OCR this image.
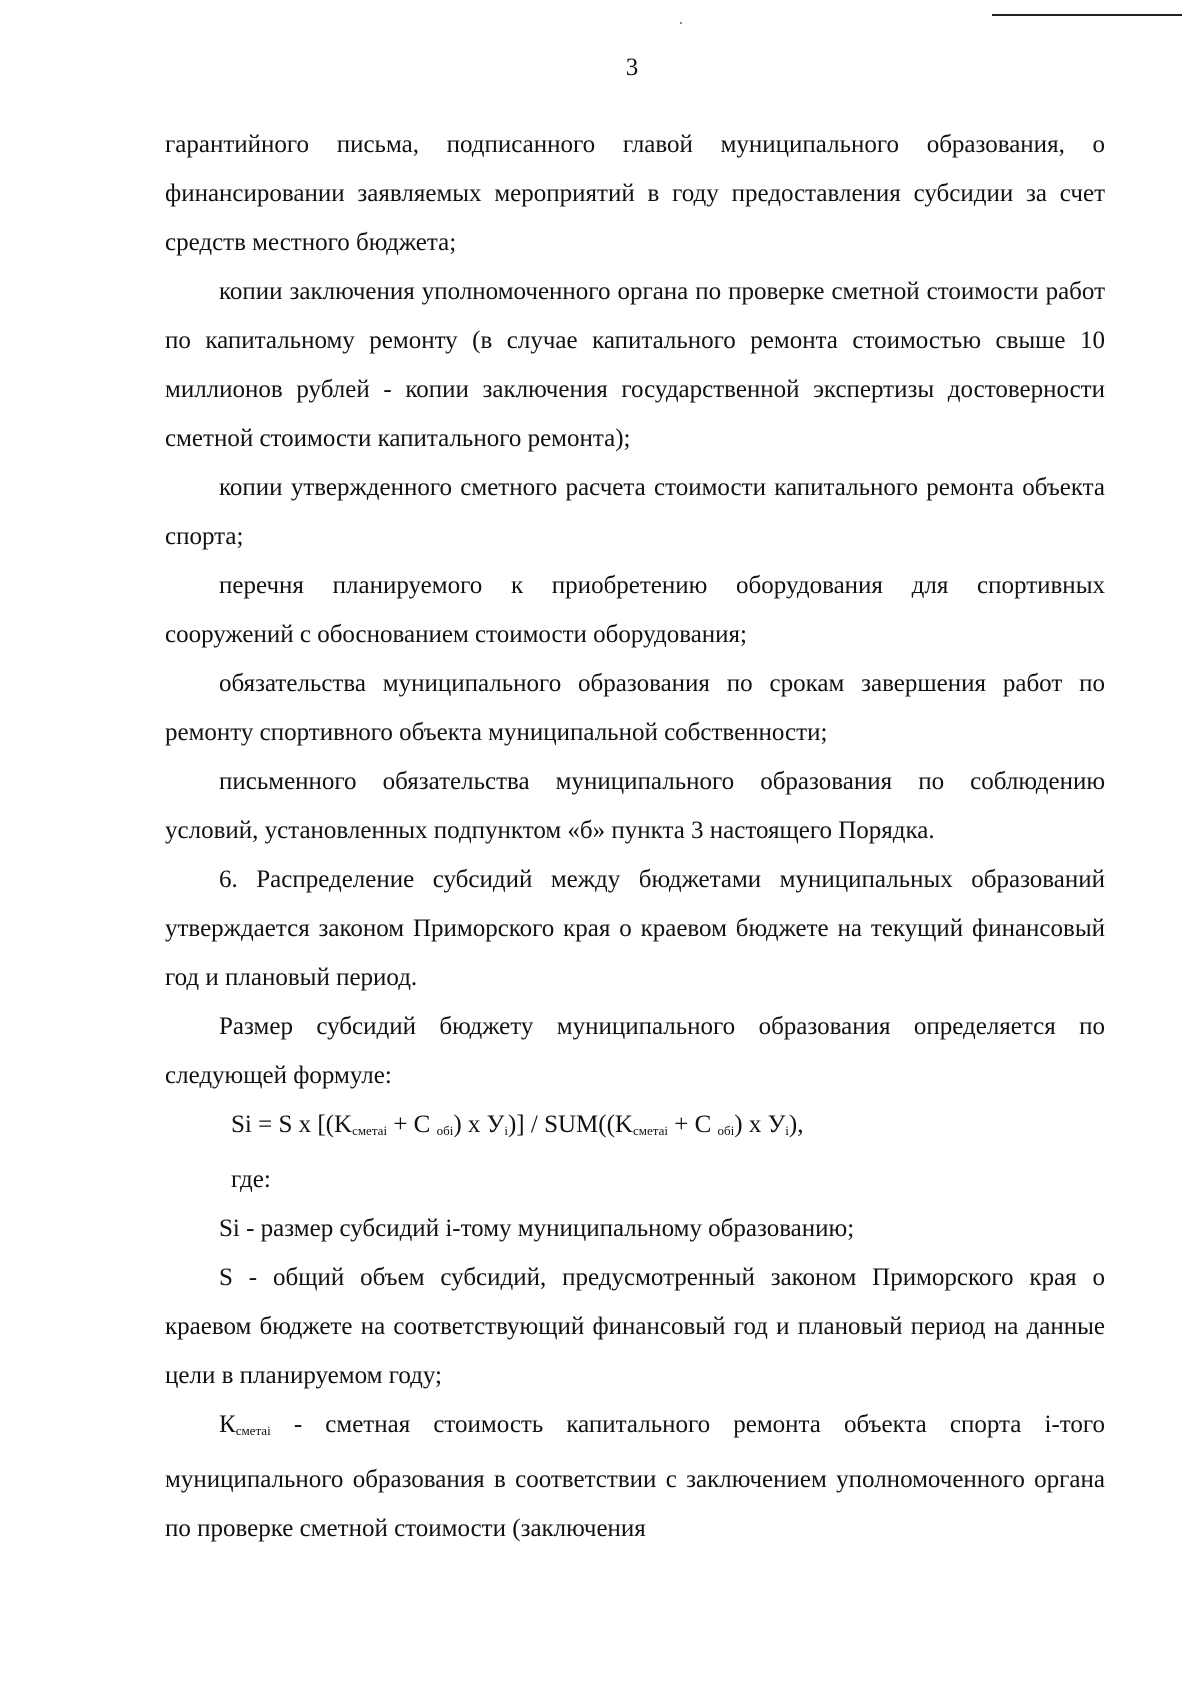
3

гарантийного письма, подписанного главой муниципального образования, о финансировании заявляемых мероприятий в году предоставления субсидии за счет средств местного бюджета;

копии заключения уполномоченного органа по проверке сметной стоимости работ по капитальному ремонту (в случае капитального ремонта стоимостью свыше 10 миллионов рублей - копии заключения государственной экспертизы достоверности сметной стоимости капитального ремонта);

копии утвержденного сметного расчета стоимости капитального ремонта объекта спорта;

перечня планируемого к приобретению оборудования для спортивных сооружений с обоснованием стоимости оборудования;

обязательства муниципального образования по срокам завершения работ по ремонту спортивного объекта муниципальной собственности;

письменного обязательства муниципального образования по соблюдению условий, установленных подпунктом «б» пункта 3 настоящего Порядка.

6. Распределение субсидий между бюджетами муниципальных образований утверждается законом Приморского края о краевом бюджете на текущий финансовый год и плановый период.

Размер субсидий бюджету муниципального образования определяется по следующей формуле:

Si = S x [($K_{сметаi} + C$ $_{обi}$) x $У_i)] / SUM((K_{сметаi} + C$ $_{обi}$) x $У_i$),

где:

Si - размер субсидий i-тому муниципальному образованию;

S - общий объем субсидий, предусмотренный законом Приморского края о краевом бюджете на соответствующий финансовый год и плановый период на данные цели в планируемом году;

$К_{сметаi}$ - сметная стоимость капитального ремонта объекта спорта i-того муниципального образования в соответствии с заключением уполномоченного органа по проверке сметной стоимости (заключения
